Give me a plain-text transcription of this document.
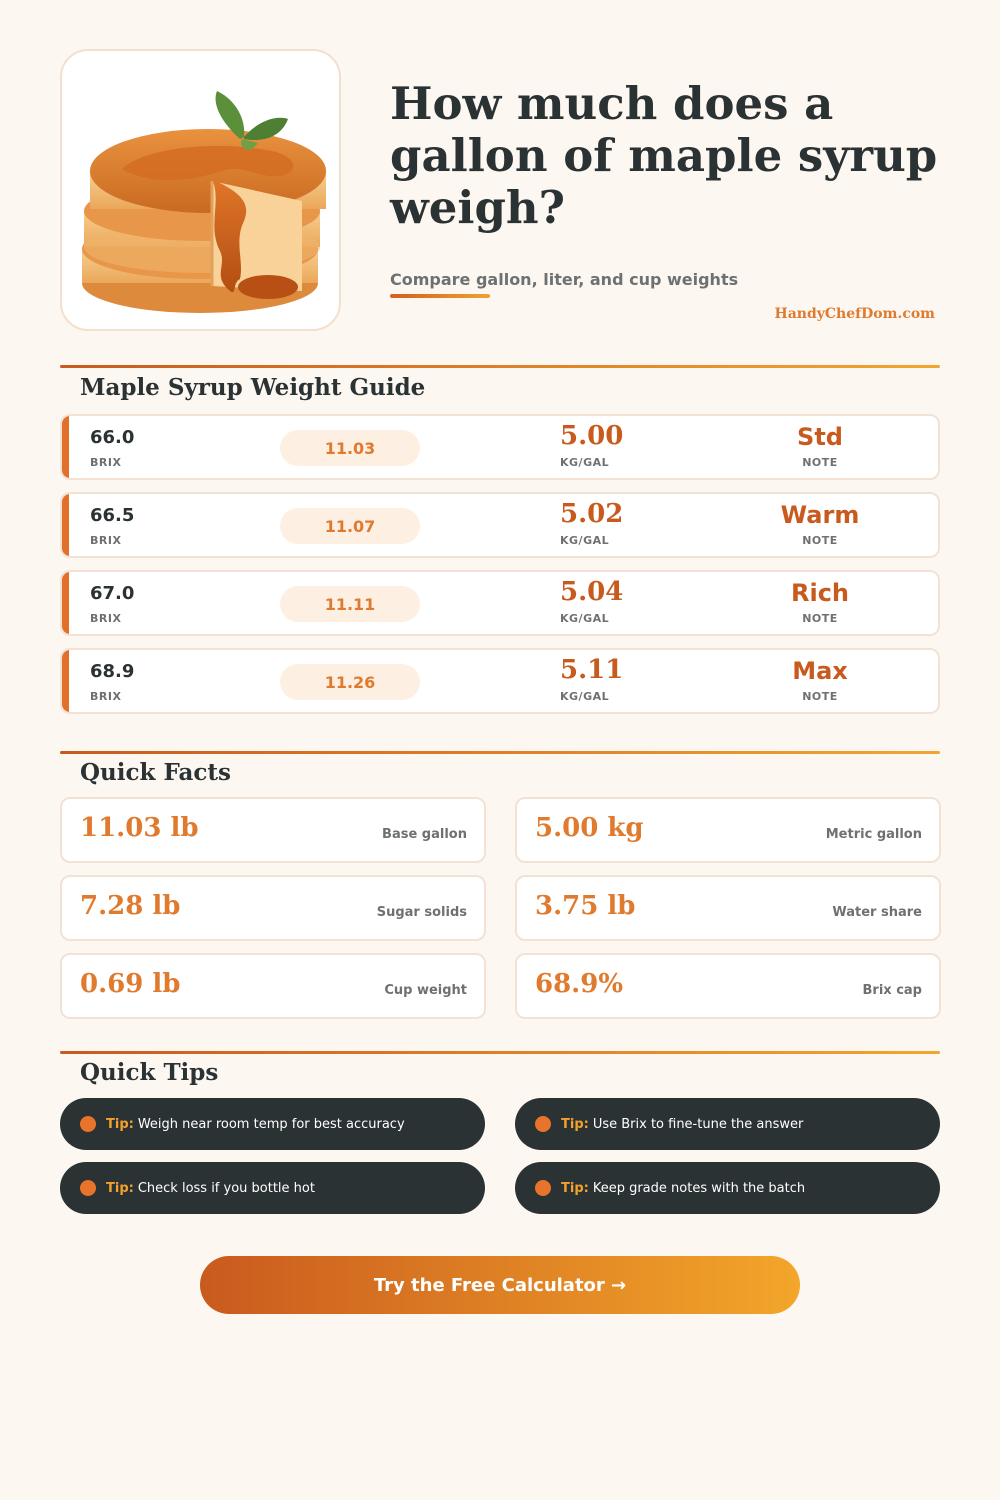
How much does a gallon of maple syrup weigh?
Compare gallon, liter, and cup weights
HandyChefDom.com
Maple Syrup Weight Guide
66.0
BRIX
11.03	5.00
KG/GAL
Std
NOTE
66.5
BRIX
11.07	5.02
KG/GAL
Warm
NOTE
67.0
BRIX
11.11	5.04
KG/GAL
Rich
NOTE
68.9
BRIX
11.26	5.11
KG/GAL
Max
NOTE
Quick Facts
11.03 lb	Base gallon	5.00 kg	Metric gallon
7.28 lb	Sugar solids	3.75 lb	Water share
0.69 lb	Cup weight	68.9%	Brix cap
Quick Tips
Tip: Weigh near room temp for best accuracy	Tip: Use Brix to fine-tune the answer
Tip: Check loss if you bottle hot	Tip: Keep grade notes with the batch
Try the Free Calculator →
